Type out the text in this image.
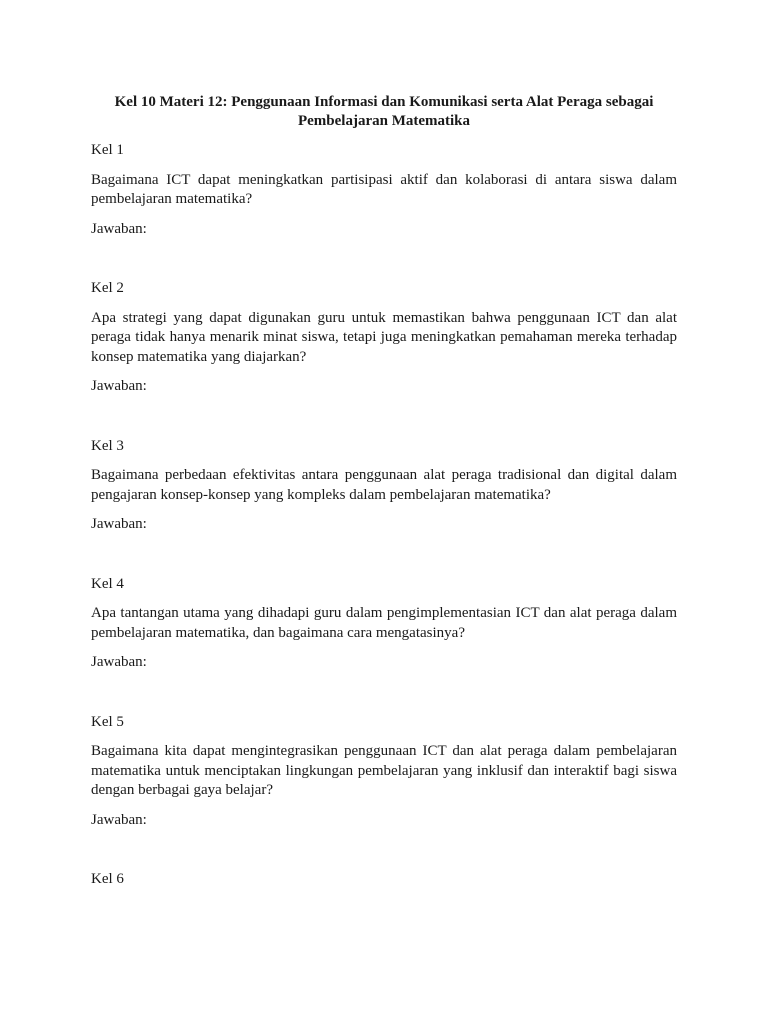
Kel 10 Materi 12: Penggunaan Informasi dan Komunikasi serta Alat Peraga sebagai Pembelajaran Matematika
Kel 1
Bagaimana ICT dapat meningkatkan partisipasi aktif dan kolaborasi di antara siswa dalam pembelajaran matematika?
Jawaban:
Kel 2
Apa strategi yang dapat digunakan guru untuk memastikan bahwa penggunaan ICT dan alat peraga tidak hanya menarik minat siswa, tetapi juga meningkatkan pemahaman mereka terhadap konsep matematika yang diajarkan?
Jawaban:
Kel 3
Bagaimana perbedaan efektivitas antara penggunaan alat peraga tradisional dan digital dalam pengajaran konsep-konsep yang kompleks dalam pembelajaran matematika?
Jawaban:
Kel 4
Apa tantangan utama yang dihadapi guru dalam pengimplementasian ICT dan alat peraga dalam pembelajaran matematika, dan bagaimana cara mengatasinya?
Jawaban:
Kel 5
Bagaimana kita dapat mengintegrasikan penggunaan ICT dan alat peraga dalam pembelajaran matematika untuk menciptakan lingkungan pembelajaran yang inklusif dan interaktif bagi siswa dengan berbagai gaya belajar?
Jawaban:
Kel 6
